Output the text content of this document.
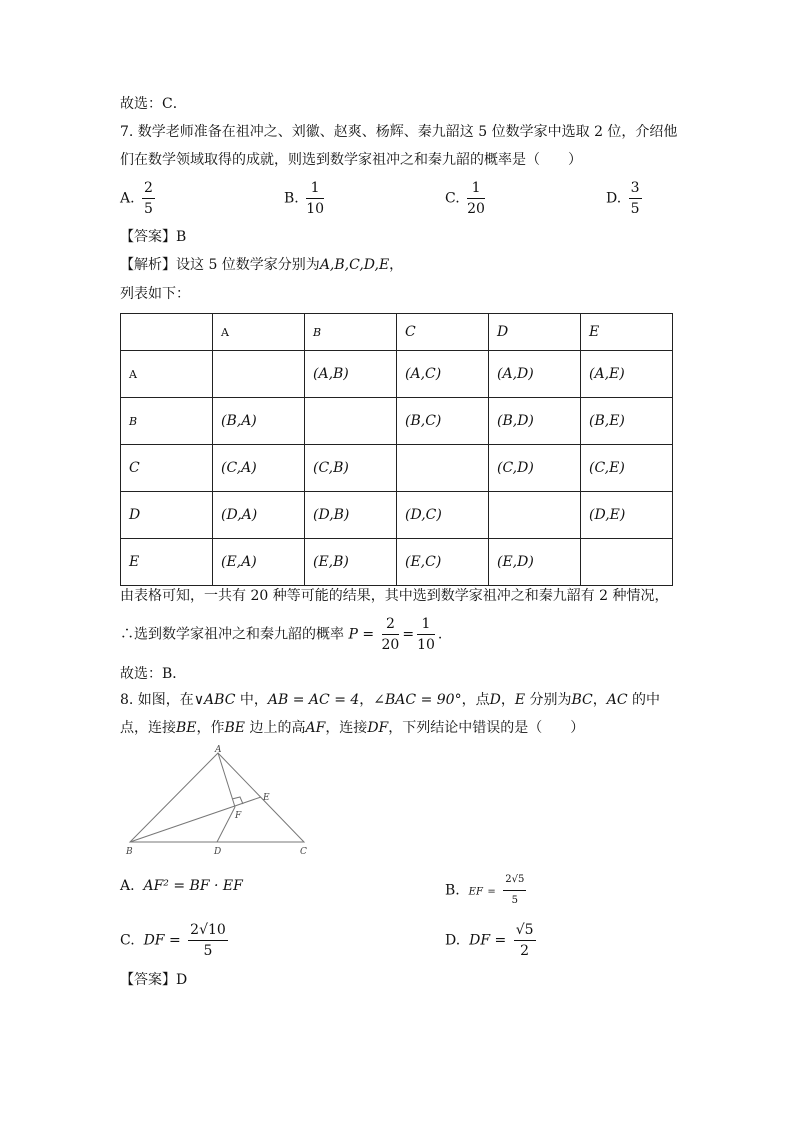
故选：C．
7. 数学老师准备在祖冲之、刘徽、赵爽、杨辉、秦九韶这 5 位数学家中选取 2 位，介绍他
们在数学领域取得的成就，则选到数学家祖冲之和秦九韶的概率是（　　）
A. $\frac{2}{5}$	B. $\frac{1}{10}$	C. $\frac{1}{20}$	D. $\frac{3}{5}$
【答案】B
【解析】设这 5 位数学家分别为A,B,C,D,E，
列表如下：
	A	B	C	D	E
A		(A,B)	(A,C)	(A,D)	(A,E)
B	(B,A)		(B,C)	(B,D)	(B,E)
C	(C,A)	(C,B)		(C,D)	(C,E)
D	(D,A)	(D,B)	(D,C)		(D,E)
E	(E,A)	(E,B)	(E,C)	(E,D)	
由表格可知，一共有 20 种等可能的结果，其中选到数学家祖冲之和秦九韶有 2 种情况，
∴选到数学家祖冲之和秦九韶的概率 $P = \frac{2}{20} = \frac{1}{10}$ .
故选：B．
8. 如图，在∨ABC 中，AB = AC = 4，∠BAC = 90°，点D，E 分别为BC，AC 的中
点，连接BE，作BE 边上的高AF，连接DF，下列结论中错误的是（　　）
A
B	C
D
E
F
A. AF² = BF · EF	B. EF = $\frac{2√5}{5}$
C. DF = $\frac{2√10}{5}$	D. DF = $\frac{√5}{2}$
【答案】D
